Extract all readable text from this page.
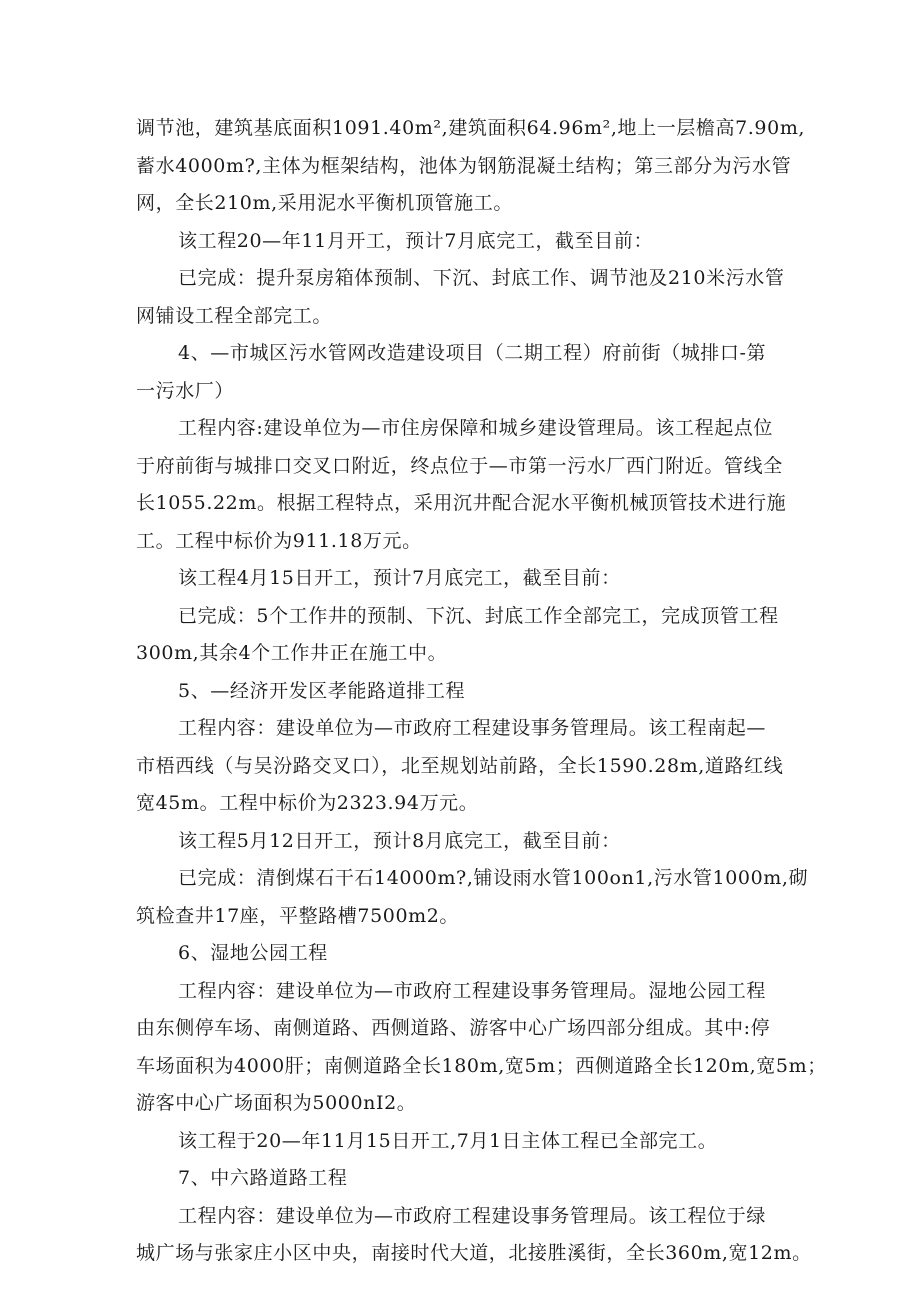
调节池，建筑基底面积1091.40m²,建筑面积64.96m²,地上一层檐高7.90m,
蓄水4000m?,主体为框架结构，池体为钢筋混凝土结构；第三部分为污水管
网，全长210m,采用泥水平衡机顶管施工。
该工程20—年11月开工，预计7月底完工，截至目前：
已完成：提升泵房箱体预制、下沉、封底工作、调节池及210米污水管
网铺设工程全部完工。
4、—市城区污水管网改造建设项目（二期工程）府前街（城排口-第
一污水厂）
工程内容:建设单位为—市住房保障和城乡建设管理局。该工程起点位
于府前街与城排口交叉口附近，终点位于—市第一污水厂西门附近。管线全
长1055.22m。根据工程特点，采用沉井配合泥水平衡机械顶管技术进行施
工。工程中标价为911.18万元。
该工程4月15日开工，预计7月底完工，截至目前：
已完成：5个工作井的预制、下沉、封底工作全部完工，完成顶管工程
300m,其余4个工作井正在施工中。
5、—经济开发区孝能路道排工程
工程内容：建设单位为—市政府工程建设事务管理局。该工程南起—
市梧西线（与吴汾路交叉口），北至规划站前路，全长1590.28m,道路红线
宽45m。工程中标价为2323.94万元。
该工程5月12日开工，预计8月底完工，截至目前：
已完成：清倒煤石干石14000m?,铺设雨水管100on1,污水管1000m,砌
筑检查井17座，平整路槽7500m2。
6、湿地公园工程
工程内容：建设单位为—市政府工程建设事务管理局。湿地公园工程
由东侧停车场、南侧道路、西侧道路、游客中心广场四部分组成。其中:停
车场面积为4000肝；南侧道路全长180m,宽5m；西侧道路全长120m,宽5m；
游客中心广场面积为5000nI2。
该工程于20—年11月15日开工,7月1日主体工程已全部完工。
7、中六路道路工程
工程内容：建设单位为—市政府工程建设事务管理局。该工程位于绿
城广场与张家庄小区中央，南接时代大道，北接胜溪街，全长360m,宽12m。
